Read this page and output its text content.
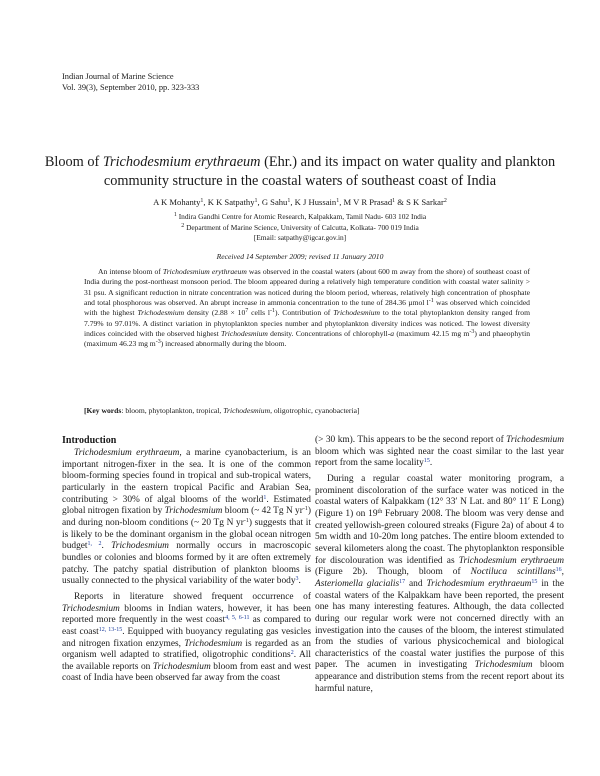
Indian Journal of Marine Science
Vol. 39(3), September 2010, pp. 323-333
Bloom of Trichodesmium erythraeum (Ehr.) and its impact on water quality and plankton community structure in the coastal waters of southeast coast of India
A K Mohanty$^1$, K K Satpathy$^1$, G Sahu$^1$, K J Hussain$^1$, M V R Prasad$^1$ & S K Sarkar$^2$
$^1$ Indira Gandhi Centre for Atomic Research, Kalpakkam, Tamil Nadu- 603 102 India
$^2$ Department of Marine Science, University of Calcutta, Kolkata- 700 019 India
[Email: satpathy@igcar.gov.in]
Received 14 September 2009; revised 11 January 2010
An intense bloom of Trichodesmium erythraeum was observed in the coastal waters (about 600 m away from the shore) of southeast coast of India during the post-northeast monsoon period. The bloom appeared during a relatively high temperature condition with coastal water salinity > 31 psu. A significant reduction in nitrate concentration was noticed during the bloom period, whereas, relatively high concentration of phosphate and total phosphorous was observed. An abrupt increase in ammonia concentration to the tune of 284.36 µmol $l^{-1}$ was observed which coincided with the highest Trichodesmium density ($2.88 \times 10^7$ cells $l^{-1}$). Contribution of Trichodesmium to the total phytoplankton density ranged from 7.79% to 97.01%. A distinct variation in phytoplankton species number and phytoplankton diversity indices was noticed. The lowest diversity indices coincided with the observed highest Trichodesmium density. Concentrations of chlorophyll-a (maximum 42.15 mg $m^{-3}$) and phaeophytin (maximum 46.23 mg $m^{-3}$) increased abnormally during the bloom.
[Key words: bloom, phytoplankton, tropical, Trichodesmium, oligotrophic, cyanobacteria]
Introduction

Trichodesmium erythraeum, a marine cyanobacterium, is an important nitrogen-fixer in the sea. It is one of the common bloom-forming species found in tropical and sub-tropical waters, particularly in the eastern tropical Pacific and Arabian Sea, contributing > 30% of algal blooms of the world$^1$. Estimated global nitrogen fixation by Trichodesmium bloom (~ 42 Tg N $yr^{-1}$) and during non-bloom conditions (~ 20 Tg N $yr^{-1}$) suggests that it is likely to be the dominant organism in the global ocean nitrogen budget$^{1, 2}$. Trichodesmium normally occurs in macroscopic bundles or colonies and blooms formed by it are often extremely patchy. The patchy spatial distribution of plankton blooms is usually connected to the physical variability of the water body$^3$.

Reports in literature showed frequent occurrence of Trichodesmium blooms in Indian waters, however, it has been reported more frequently in the west coast$^{4, 5, 6-11}$ as compared to east coast$^{12, 13-15}$. Equipped with buoyancy regulating gas vesicles and nitrogen fixation enzymes, Trichodesmium is regarded as an organism well adapted to stratified, oligotrophic conditions$^2$. All the available reports on Trichodesmium bloom from east and west coast of India have been observed far away from the coast

(> 30 km). This appears to be the second report of Trichodesmium bloom which was sighted near the coast similar to the last year report from the same locality$^{15}$.

During a regular coastal water monitoring program, a prominent discoloration of the surface water was noticed in the coastal waters of Kalpakkam (12° 33′ N Lat. and 80° 11′ E Long) (Figure 1) on 19th February 2008. The bloom was very dense and created yellowish-green coloured streaks (Figure 2a) of about 4 to 5m width and 10-20m long patches. The entire bloom extended to several kilometers along the coast. The phytoplankton responsible for discolouration was identified as Trichodesmium erythraeum (Figure 2b). Though, bloom of Noctiluca scintillans$^{16}$, Asteriomella glacialis$^{17}$ and Trichodesmium erythraeum$^{15}$ in the coastal waters of the Kalpakkam have been reported, the present one has many interesting features. Although, the data collected during our regular work were not concerned directly with an investigation into the causes of the bloom, the interest stimulated from the studies of various physicochemical and biological characteristics of the coastal water justifies the purpose of this paper. The acumen in investigating Trichodesmium bloom appearance and distribution stems from the recent report about its harmful nature,
